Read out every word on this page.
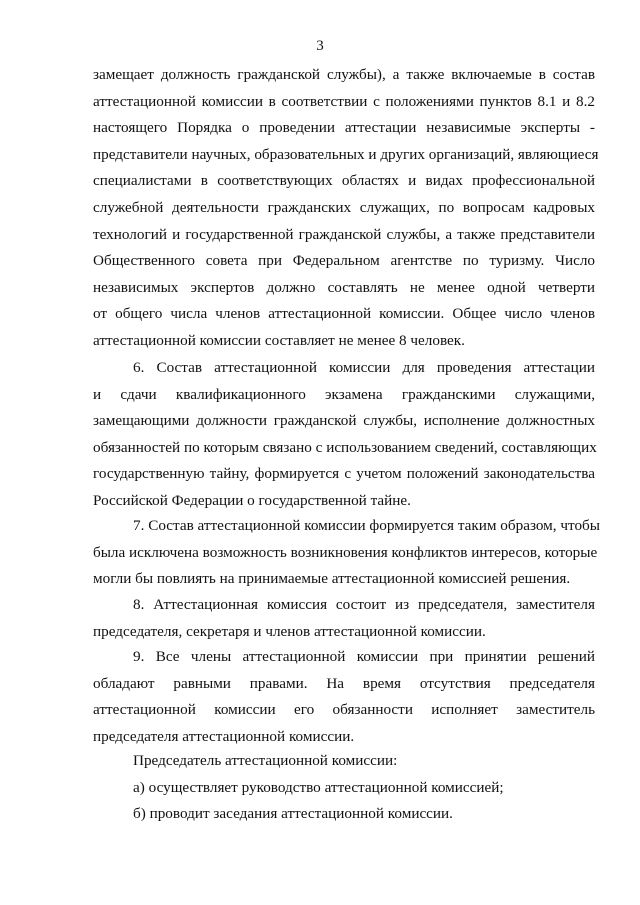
3
замещает должность гражданской службы), а также включаемые в состав
аттестационной комиссии в соответствии с положениями пунктов 8.1 и 8.2
настоящего Порядка о проведении аттестации независимые эксперты -
представители научных, образовательных и других организаций, являющиеся
специалистами в соответствующих областях и видах профессиональной
служебной деятельности гражданских служащих, по вопросам кадровых
технологий и государственной гражданской службы, а также представители
Общественного совета при Федеральном агентстве по туризму. Число
независимых экспертов должно составлять не менее одной четверти
от общего числа членов аттестационной комиссии. Общее число членов
аттестационной комиссии составляет не менее 8 человек.
6. Состав аттестационной комиссии для проведения аттестации
и сдачи квалификационного экзамена гражданскими служащими,
замещающими должности гражданской службы, исполнение должностных
обязанностей по которым связано с использованием сведений, составляющих
государственную тайну, формируется с учетом положений законодательства
Российской Федерации о государственной тайне.
7. Состав аттестационной комиссии формируется таким образом, чтобы
была исключена возможность возникновения конфликтов интересов, которые
могли бы повлиять на принимаемые аттестационной комиссией решения.
8. Аттестационная комиссия состоит из председателя, заместителя
председателя, секретаря и членов аттестационной комиссии.
9. Все члены аттестационной комиссии при принятии решений
обладают равными правами. На время отсутствия председателя
аттестационной комиссии его обязанности исполняет заместитель
председателя аттестационной комиссии.
Председатель аттестационной комиссии:
а) осуществляет руководство аттестационной комиссией;
б) проводит заседания аттестационной комиссии.
